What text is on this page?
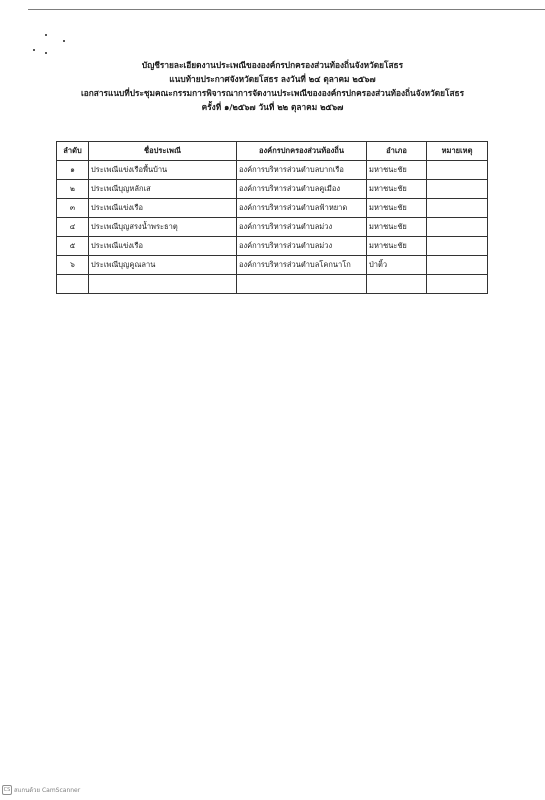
บัญชีรายละเอียดงานประเพณีขององค์กรปกครองส่วนท้องถิ่นจังหวัดยโสธร
แนบท้ายประกาศจังหวัดยโสธร ลงวันที่ ๒๔ ตุลาคม ๒๕๖๗
เอกสารแนบที่ประชุมคณะกรรมการพิจารณาการจัดงานประเพณีขององค์กรปกครองส่วนท้องถิ่นจังหวัดยโสธร
ครั้งที่ ๑/๒๕๖๗ วันที่ ๒๒ ตุลาคม ๒๕๖๗
ลำดับ	ชื่อประเพณี	องค์กรปกครองส่วนท้องถิ่น	อำเภอ	หมายเหตุ
๑	ประเพณีแข่งเรือพื้นบ้าน	องค์การบริหารส่วนตำบลบากเรือ	มหาชนะชัย	
๒	ประเพณีบุญหลักเส	องค์การบริหารส่วนตำบลคูเมือง	มหาชนะชัย	
๓	ประเพณีแข่งเรือ	องค์การบริหารส่วนตำบลฟ้าหยาด	มหาชนะชัย	
๔	ประเพณีบุญสรงน้ำพระธาตุ	องค์การบริหารส่วนตำบลม่วง	มหาชนะชัย	
๕	ประเพณีแข่งเรือ	องค์การบริหารส่วนตำบลม่วง	มหาชนะชัย	
๖	ประเพณีบุญคูณลาน	องค์การบริหารส่วนตำบลโคกนาโก	ป่าติ้ว	

CS สแกนด้วย CamScanner
